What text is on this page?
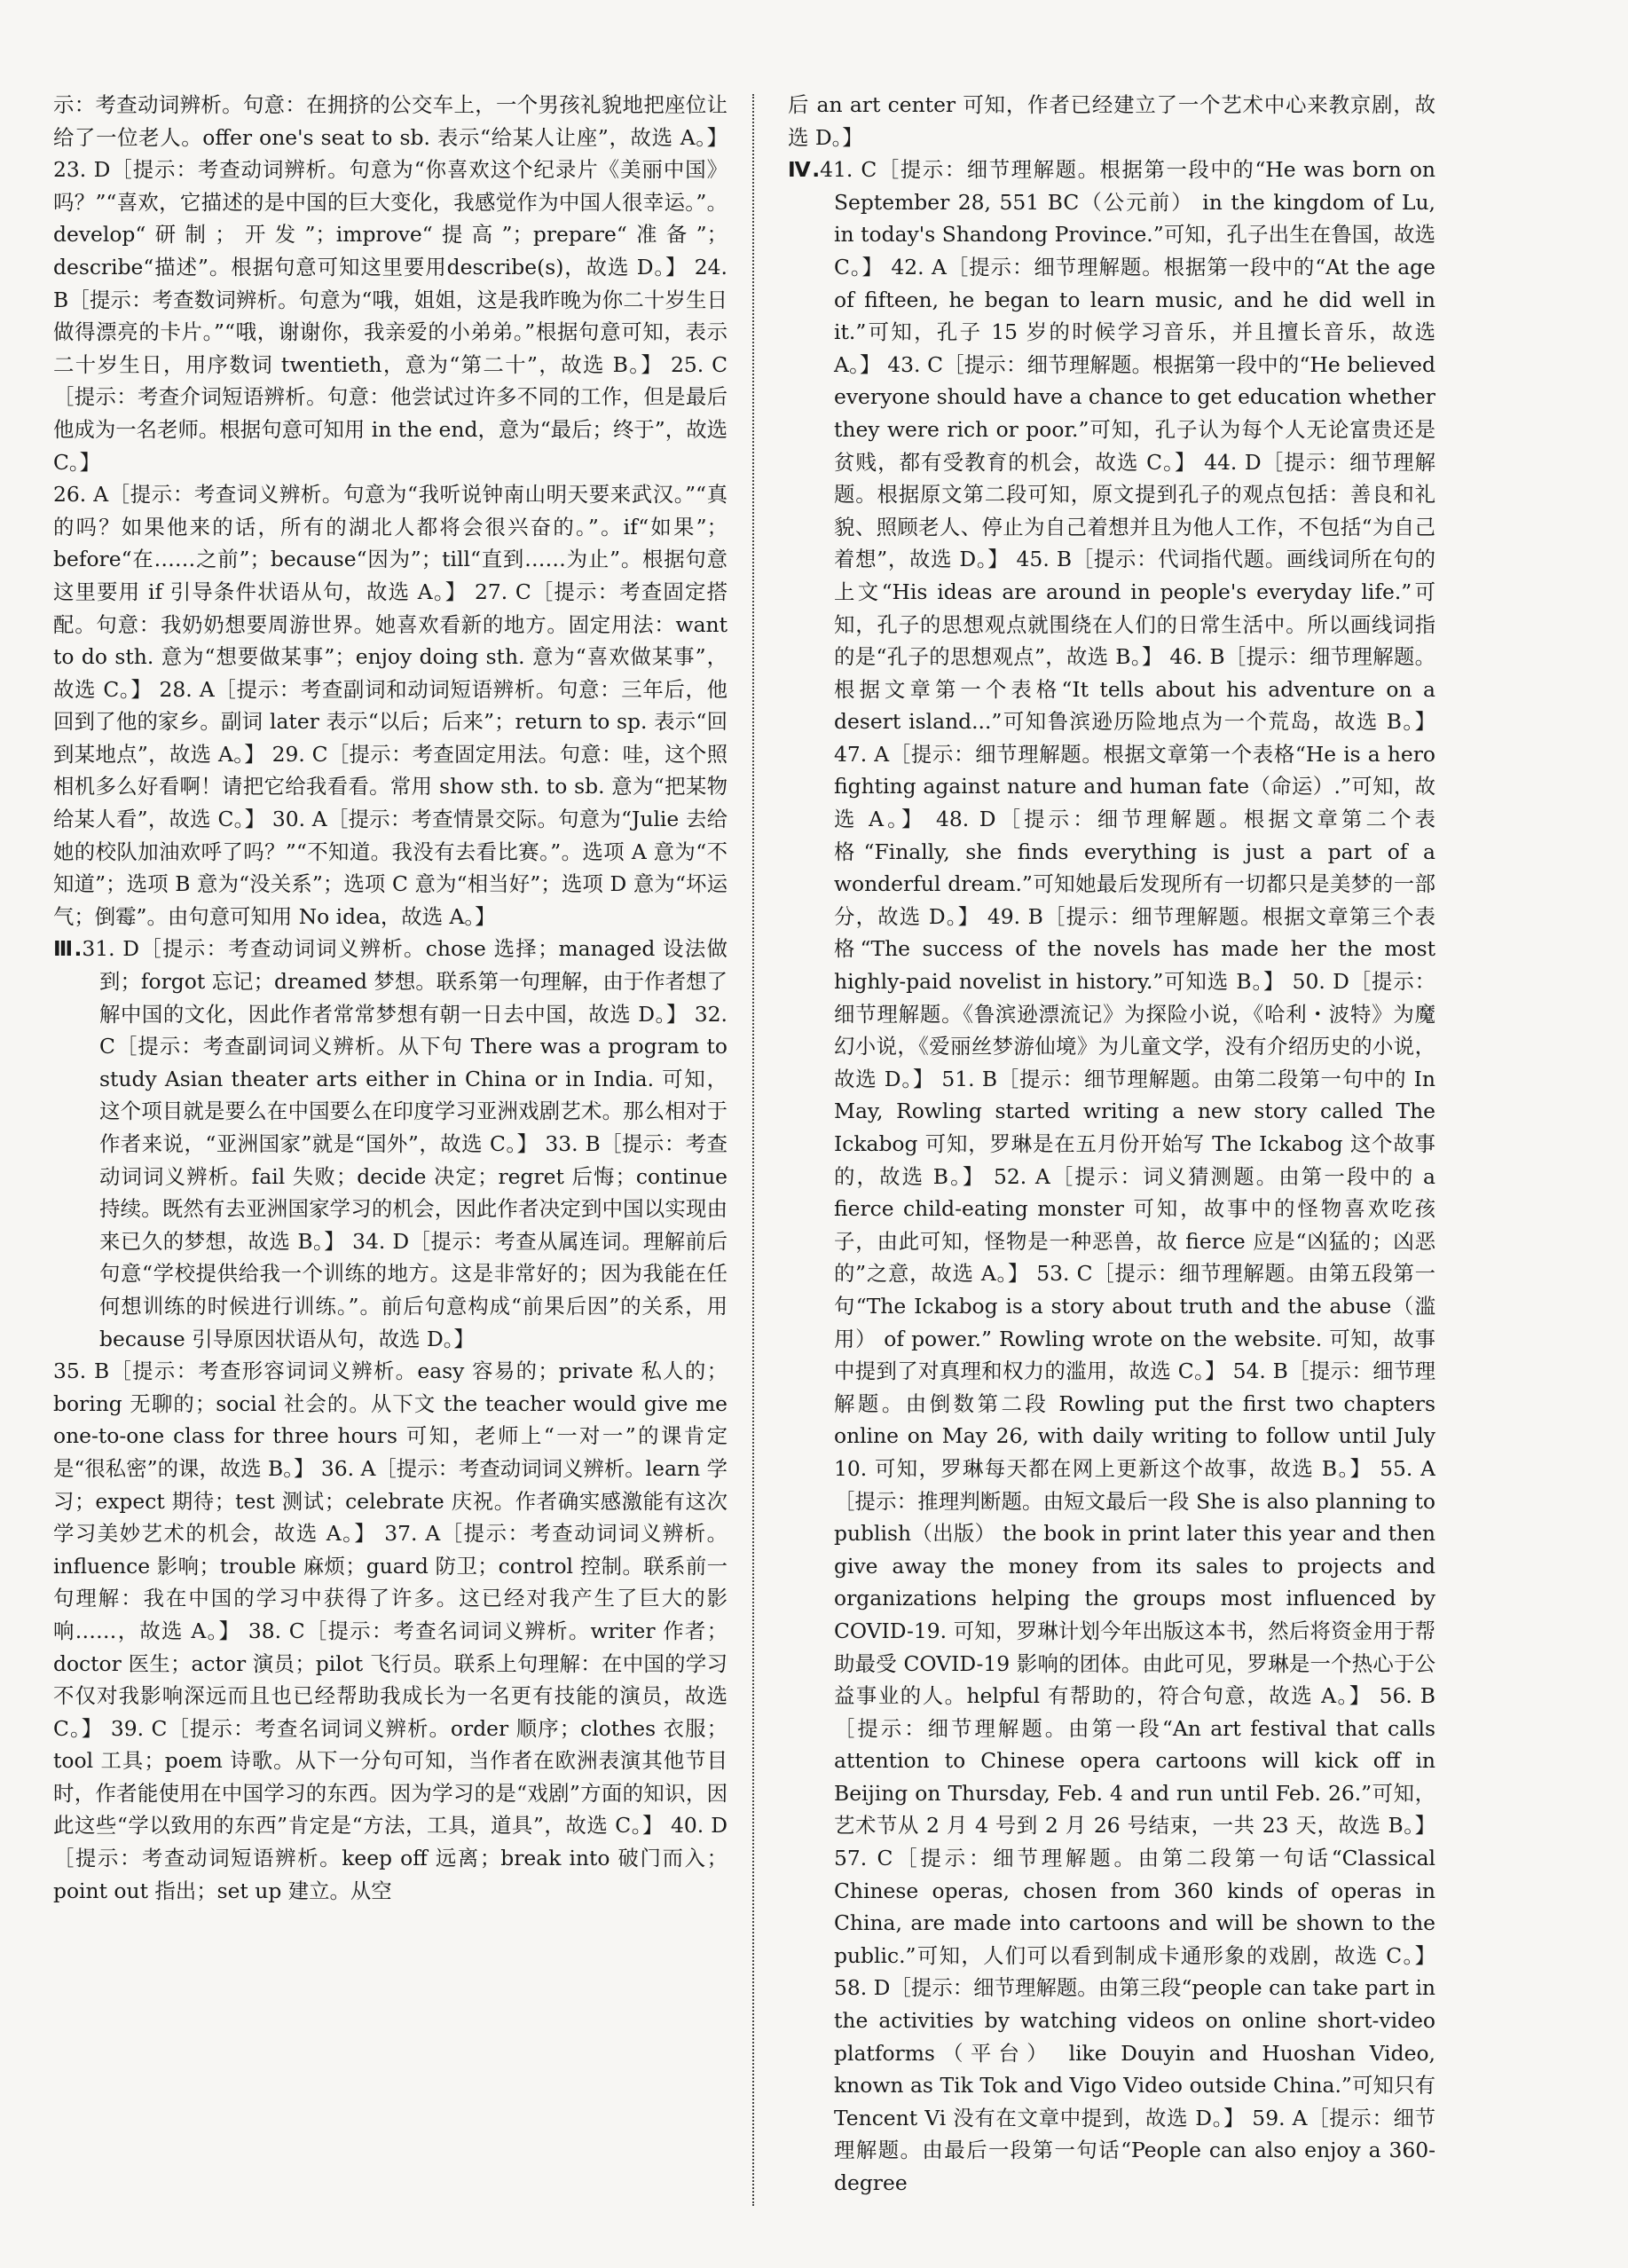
示：考查动词辨析。句意：在拥挤的公交车上，一个男孩礼貌地把座位让给了一位老人。offer one's seat to sb. 表示“给某人让座”，故选 A。】 23. D［提示：考查动词辨析。句意为“你喜欢这个纪录片《美丽中国》吗？”“喜欢，它描述的是中国的巨大变化，我感觉作为中国人很幸运。”。develop“研制；开发”；improve“提高”；prepare“准备”；describe“描述”。根据句意可知这里要用describe(s)，故选 D。】 24. B［提示：考查数词辨析。句意为“哦，姐姐，这是我昨晚为你二十岁生日做得漂亮的卡片。”“哦，谢谢你，我亲爱的小弟弟。”根据句意可知，表示二十岁生日，用序数词 twentieth，意为“第二十”，故选 B。】 25. C［提示：考查介词短语辨析。句意：他尝试过许多不同的工作，但是最后他成为一名老师。根据句意可知用 in the end，意为“最后；终于”，故选 C。】

26. A［提示：考查词义辨析。句意为“我听说钟南山明天要来武汉。”“真的吗？如果他来的话，所有的湖北人都将会很兴奋的。”。if“如果”；before“在……之前”；because“因为”；till“直到……为止”。根据句意这里要用 if 引导条件状语从句，故选 A。】 27. C［提示：考查固定搭配。句意：我奶奶想要周游世界。她喜欢看新的地方。固定用法：want to do sth. 意为“想要做某事”；enjoy doing sth. 意为“喜欢做某事”，故选 C。】 28. A［提示：考查副词和动词短语辨析。句意：三年后，他回到了他的家乡。副词 later 表示“以后；后来”；return to sp. 表示“回到某地点”，故选 A。】 29. C［提示：考查固定用法。句意：哇，这个照相机多么好看啊！请把它给我看看。常用 show sth. to sb. 意为“把某物给某人看”，故选 C。】 30. A［提示：考查情景交际。句意为“Julie 去给她的校队加油欢呼了吗？”“不知道。我没有去看比赛。”。选项 A 意为“不知道”；选项 B 意为“没关系”；选项 C 意为“相当好”；选项 D 意为“坏运气；倒霉”。由句意可知用 No idea，故选 A。】

Ⅲ.31. D［提示：考查动词词义辨析。chose 选择；managed 设法做到；forgot 忘记；dreamed 梦想。联系第一句理解，由于作者想了解中国的文化，因此作者常常梦想有朝一日去中国，故选 D。】 32. C［提示：考查副词词义辨析。从下句 There was a program to study Asian theater arts either in China or in India. 可知，这个项目就是要么在中国要么在印度学习亚洲戏剧艺术。那么相对于作者来说，“亚洲国家”就是“国外”，故选 C。】 33. B［提示：考查动词词义辨析。fail 失败；decide 决定；regret 后悔；continue 持续。既然有去亚洲国家学习的机会，因此作者决定到中国以实现由来已久的梦想，故选 B。】 34. D［提示：考查从属连词。理解前后句意“学校提供给我一个训练的地方。这是非常好的；因为我能在任何想训练的时候进行训练。”。前后句意构成“前果后因”的关系，用 because 引导原因状语从句，故选 D。】

35. B［提示：考查形容词词义辨析。easy 容易的；private 私人的；boring 无聊的；social 社会的。从下文 the teacher would give me one-to-one class for three hours 可知，老师上“一对一”的课肯定是“很私密”的课，故选 B。】 36. A［提示：考查动词词义辨析。learn 学习；expect 期待；test 测试；celebrate 庆祝。作者确实感激能有这次学习美妙艺术的机会，故选 A。】 37. A［提示：考查动词词义辨析。influence 影响；trouble 麻烦；guard 防卫；control 控制。联系前一句理解：我在中国的学习中获得了许多。这已经对我产生了巨大的影响……，故选 A。】 38. C［提示：考查名词词义辨析。writer 作者；doctor 医生；actor 演员；pilot 飞行员。联系上句理解：在中国的学习不仅对我影响深远而且也已经帮助我成长为一名更有技能的演员，故选 C。】 39. C［提示：考查名词词义辨析。order 顺序；clothes 衣服；tool 工具；poem 诗歌。从下一分句可知，当作者在欧洲表演其他节目时，作者能使用在中国学习的东西。因为学习的是“戏剧”方面的知识，因此这些“学以致用的东西”肯定是“方法，工具，道具”，故选 C。】 40. D［提示：考查动词短语辨析。keep off 远离；break into 破门而入；point out 指出；set up 建立。从空

后 an art center 可知，作者已经建立了一个艺术中心来教京剧，故选 D。】

Ⅳ.41. C［提示：细节理解题。根据第一段中的“He was born on September 28, 551 BC（公元前） in the kingdom of Lu, in today's Shandong Province.”可知，孔子出生在鲁国，故选 C。】 42. A［提示：细节理解题。根据第一段中的“At the age of fifteen, he began to learn music, and he did well in it.”可知，孔子 15 岁的时候学习音乐，并且擅长音乐，故选 A。】 43. C［提示：细节理解题。根据第一段中的“He believed everyone should have a chance to get education whether they were rich or poor.”可知，孔子认为每个人无论富贵还是贫贱，都有受教育的机会，故选 C。】 44. D［提示：细节理解题。根据原文第二段可知，原文提到孔子的观点包括：善良和礼貌、照顾老人、停止为自己着想并且为他人工作，不包括“为自己着想”，故选 D。】 45. B［提示：代词指代题。画线词所在句的上文“His ideas are around in people's everyday life.”可知，孔子的思想观点就围绕在人们的日常生活中。所以画线词指的是“孔子的思想观点”，故选 B。】 46. B［提示：细节理解题。根据文章第一个表格“It tells about his adventure on a desert island...”可知鲁滨逊历险地点为一个荒岛，故选 B。】 47. A［提示：细节理解题。根据文章第一个表格“He is a hero fighting against nature and human fate（命运）.”可知，故选 A。】 48. D［提示：细节理解题。根据文章第二个表格“Finally, she finds everything is just a part of a wonderful dream.”可知她最后发现所有一切都只是美梦的一部分，故选 D。】 49. B［提示：细节理解题。根据文章第三个表格“The success of the novels has made her the most highly-paid novelist in history.”可知选 B。】 50. D［提示：细节理解题。《鲁滨逊漂流记》为探险小说，《哈利・波特》为魔幻小说，《爱丽丝梦游仙境》为儿童文学，没有介绍历史的小说，故选 D。】 51. B［提示：细节理解题。由第二段第一句中的 In May, Rowling started writing a new story called The Ickabog 可知，罗琳是在五月份开始写 The Ickabog 这个故事的，故选 B。】 52. A［提示：词义猜测题。由第一段中的 a fierce child-eating monster 可知，故事中的怪物喜欢吃孩子，由此可知，怪物是一种恶兽，故 fierce 应是“凶猛的；凶恶的”之意，故选 A。】 53. C［提示：细节理解题。由第五段第一句“The Ickabog is a story about truth and the abuse（滥用） of power.” Rowling wrote on the website. 可知，故事中提到了对真理和权力的滥用，故选 C。】 54. B［提示：细节理解题。由倒数第二段 Rowling put the first two chapters online on May 26, with daily writing to follow until July 10. 可知，罗琳每天都在网上更新这个故事，故选 B。】 55. A［提示：推理判断题。由短文最后一段 She is also planning to publish（出版） the book in print later this year and then give away the money from its sales to projects and organizations helping the groups most influenced by COVID-19. 可知，罗琳计划今年出版这本书，然后将资金用于帮助最受 COVID-19 影响的团体。由此可见，罗琳是一个热心于公益事业的人。helpful 有帮助的，符合句意，故选 A。】 56. B［提示：细节理解题。由第一段“An art festival that calls attention to Chinese opera cartoons will kick off in Beijing on Thursday, Feb. 4 and run until Feb. 26.”可知，艺术节从 2 月 4 号到 2 月 26 号结束，一共 23 天，故选 B。】 57. C［提示：细节理解题。由第二段第一句话“Classical Chinese operas, chosen from 360 kinds of operas in China, are made into cartoons and will be shown to the public.”可知，人们可以看到制成卡通形象的戏剧，故选 C。】 58. D［提示：细节理解题。由第三段“people can take part in the activities by watching videos on online short-video platforms（平台） like Douyin and Huoshan Video, known as Tik Tok and Vigo Video outside China.”可知只有 Tencent Vi 没有在文章中提到，故选 D。】 59. A［提示：细节理解题。由最后一段第一句话“People can also enjoy a 360-degree
